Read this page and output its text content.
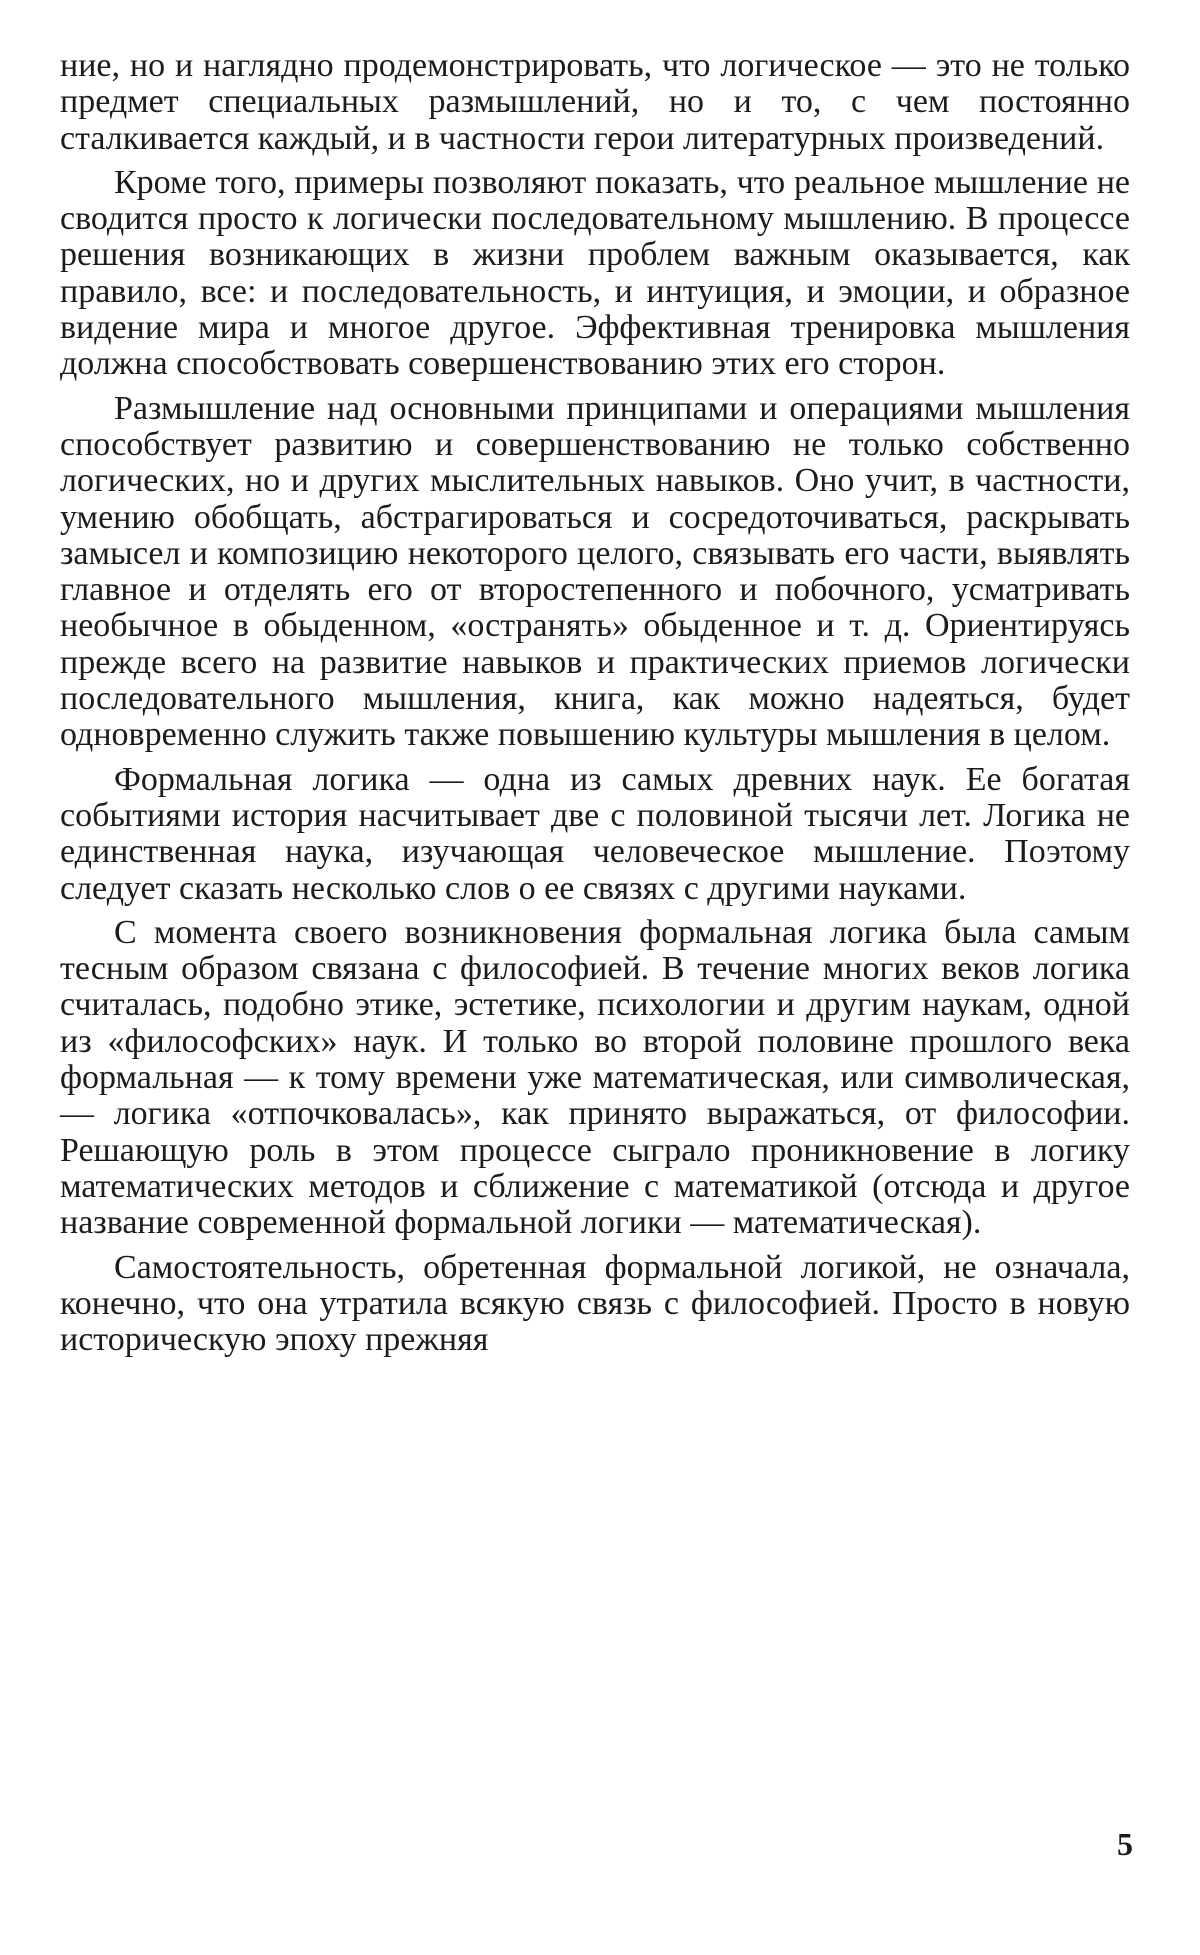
ние, но и наглядно продемонстрировать, что логическое — это не только предмет специальных размышлений, но и то, с чем постоянно сталкивается каждый, и в частности герои литературных произведений.

Кроме того, примеры позволяют показать, что реальное мышление не сводится просто к логически последовательному мышлению. В процессе решения возникающих в жизни проблем важным оказывается, как правило, все: и последовательность, и интуиция, и эмоции, и образное видение мира и многое другое. Эффективная тренировка мышления должна способствовать совершенствованию этих его сторон.

Размышление над основными принципами и операциями мышления способствует развитию и совершенствованию не только собственно логических, но и других мыслительных навыков. Оно учит, в частности, умению обобщать, абстрагироваться и сосредоточиваться, раскрывать замысел и композицию некоторого целого, связывать его части, выявлять главное и отделять его от второстепенного и побочного, усматривать необычное в обыденном, «остранять» обыденное и т. д. Ориентируясь прежде всего на развитие навыков и практических приемов логически последовательного мышления, книга, как можно надеяться, будет одновременно служить также повышению культуры мышления в целом.

Формальная логика — одна из самых древних наук. Ее богатая событиями история насчитывает две с половиной тысячи лет. Логика не единственная наука, изучающая человеческое мышление. Поэтому следует сказать несколько слов о ее связях с другими науками.

С момента своего возникновения формальная логика была самым тесным образом связана с философией. В течение многих веков логика считалась, подобно этике, эстетике, психологии и другим наукам, одной из «философских» наук. И только во второй половине прошлого века формальная — к тому времени уже математическая, или символическая, — логика «отпочковалась», как принято выражаться, от философии. Решающую роль в этом процессе сыграло проникновение в логику математических методов и сближение с математикой (отсюда и другое название современной формальной логики — математическая).

Самостоятельность, обретенная формальной логикой, не означала, конечно, что она утратила всякую связь с философией. Просто в новую историческую эпоху прежняя

5
